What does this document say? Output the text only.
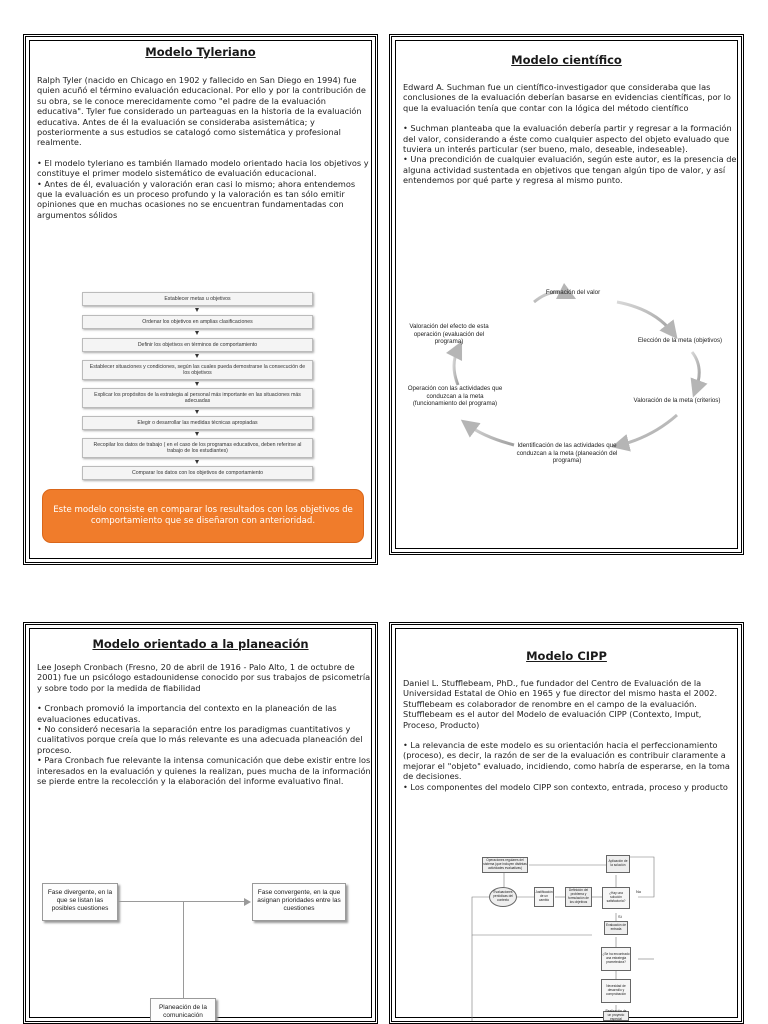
Modelo Tyleriano

Ralph Tyler (nacido en Chicago en 1902 y fallecido en San Diego en 1994) fue quien acuñó el término evaluación educacional. Por ello y por la contribución de su obra, se le conoce merecidamente como "el padre de la evaluación educativa". Tyler fue considerado un parteaguas en la historia de la evaluación educativa. Antes de él la evaluación se consideraba asistemática; y posteriormente a sus estudios se catalogó como sistemática y profesional realmente.

• El modelo tyleriano es también llamado modelo orientado hacia los objetivos y constituye el primer modelo sistemático de evaluación educacional.

• Antes de él, evaluación y valoración eran casi lo mismo; ahora entendemos que la evaluación es un proceso profundo y la valoración es tan sólo emitir opiniones que en muchas ocasiones no se encuentran fundamentadas con argumentos sólidos

Establecer metas u objetivos
Ordenar los objetivos en amplias clasificaciones
Definir los objetivos en términos de comportamiento
Establecer situaciones y condiciones, según las cuales pueda demostrarse la consecución de los objetivos
Explicar los propósitos de la estrategia al personal más importante en las situaciones más adecuadas
Elegir o desarrollar las medidas técnicas apropiadas
Recopilar los datos de trabajo ( en el caso de los programas educativos, deben referirse al trabajo de los estudiantes)
Comparar los datos con los objetivos de comportamiento
Este modelo consiste en comparar los resultados con los objetivos de comportamiento que se diseñaron con anterioridad.
Modelo científico

Edward A. Suchman fue un científico-investigador que consideraba que las conclusiones de la evaluación deberían basarse en evidencias científicas, por lo que la evaluación tenía que contar con la lógica del método científico

• Suchman planteaba que la evaluación debería partir y regresar a la formación del valor, considerando a éste como cualquier aspecto del objeto evaluado que tuviera un interés particular (ser bueno, malo, deseable, indeseable).

• Una precondición de cualquier evaluación, según este autor, es la presencia de alguna actividad sustentada en objetivos que tengan algún tipo de valor, y así entendemos por qué parte y regresa al mismo punto.

Formación del valor
Elección de la meta (objetivos)
Valoración de la meta (criterios)
Identificación de las actividades que conduzcan a la meta (planeación del programa)
Operación con las actividades que conduzcan a la meta (funcionamiento del programa)
Valoración del efecto de esta operación (evaluación del programa)
Modelo orientado a la planeación

Lee Joseph Cronbach (Fresno, 20 de abril de 1916 - Palo Alto, 1 de octubre de 2001) fue un psicólogo estadounidense conocido por sus trabajos de psicometría y sobre todo por la medida de fiabilidad

• Cronbach promovió la importancia del contexto en la planeación de las evaluaciones educativas.

• No consideró necesaria la separación entre los paradigmas cuantitativos y cualitativos porque creía que lo más relevante es una adecuada planeación del proceso.

• Para Cronbach fue relevante la intensa comunicación que debe existir entre los interesados en la evaluación y quienes la realizan, pues mucha de la información se pierde entre la recolección y la elaboración del informe evaluativo final.

Fase divergente, en la que se listan las posibles cuestiones
Fase convergente, en la que asignan prioridades entre las cuestiones
Planeación de la comunicación
Modelo CIPP

Daniel L. Stufflebeam, PhD., fue fundador del Centro de Evaluación de la Universidad Estatal de Ohio en 1965 y fue director del mismo hasta el 2002. Stufflebeam es colaborador de renombre en el campo de la evaluación. Stufflebeam es el autor del Modelo de evaluación CIPP (Contexto, Imput, Proceso, Producto)

• La relevancia de este modelo es su orientación hacia el perfeccionamiento (proceso), es decir, la razón de ser de la evaluación es contribuir claramente a mejorar el "objeto" evaluado, incidiendo, como habría de esperarse, en la toma de decisiones.

• Los componentes del modelo CIPP son contexto, entrada, proceso y producto

Operaciones regulares del sistema (que incluyen distintas actividades evaluativas)
Aplicación de la solución
Evaluaciones periódicas del contexto
Justificación de un cambio
Definición del problema y formulación de los objetivos
¿Hay una solución satisfactoria?
Evaluación de entrada
¿Se ha encontrado una estrategia prometedora?
Necesidad de desarrollo y comprobación
Realización de un proyecto especial
No
Sí
